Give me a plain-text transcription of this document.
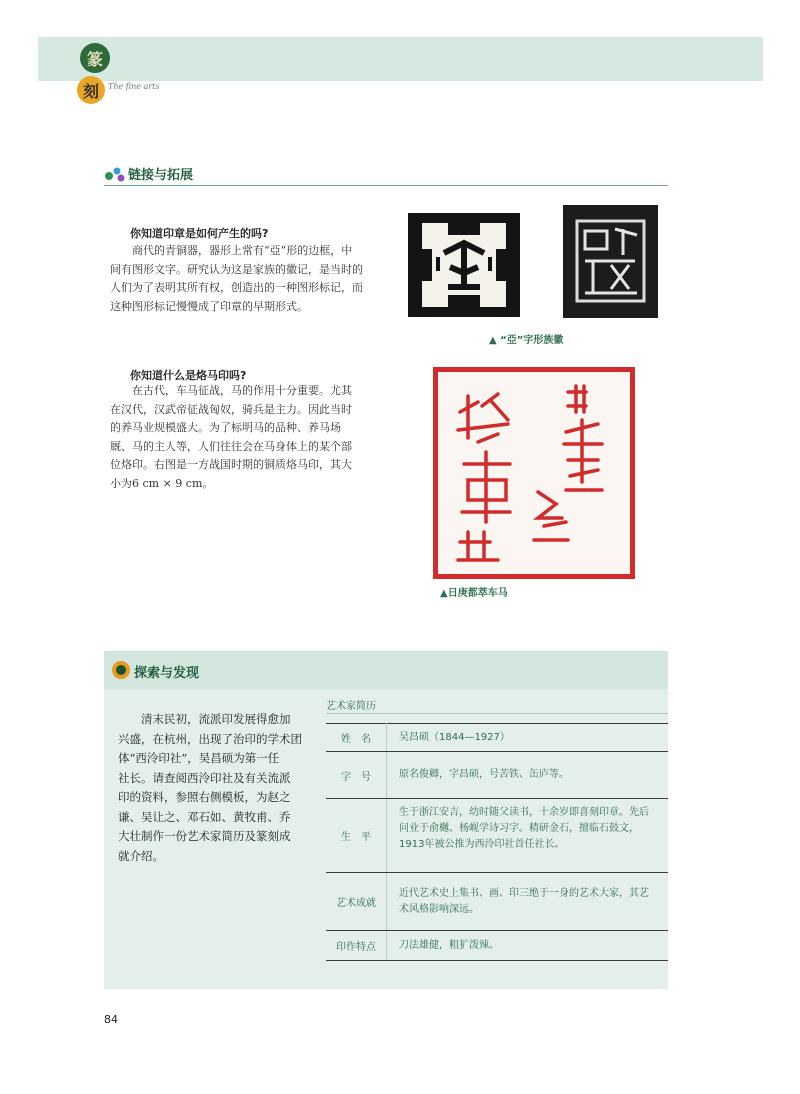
篆
刻	The fine arts
链接与拓展
你知道印章是如何产生的吗?
商代的青铜器，器形上常有“亞”形的边框，中
间有图形文字。研究认为这是家族的徽记，是当时的
人们为了表明其所有权，创造出的一种图形标记，而
这种图形标记慢慢成了印章的早期形式。
▲ “亞”字形族徽
你知道什么是烙马印吗?
在古代，车马征战，马的作用十分重要。尤其
在汉代，汉武帝征战匈奴，骑兵是主力。因此当时
的养马业规模盛大。为了标明马的品种、养马场
厩、马的主人等，人们往往会在马身体上的某个部
位烙印。右图是一方战国时期的铜质烙马印，其大
小为6 cm × 9 cm。
▲日庚都萃车马
探索与发现
清末民初，流派印发展得愈加
兴盛，在杭州，出现了治印的学术团
体“西泠印社”，吴昌硕为第一任
社长。请查阅西泠印社及有关流派
印的资料，参照右侧模板，为赵之
谦、吴让之、邓石如、黄牧甫、乔
大壮制作一份艺术家简历及篆刻成
就介绍。
艺术家简历
姓　名	吴昌硕（1844—1927）
字　号	原名俊卿，字昌硕，号苦铁、缶庐等。
生　平	生于浙江安吉，幼时随父读书，十余岁即喜刻印章。先后问业于俞樾、杨岘学诗习字。精研金石，擅临石鼓文，1913年被公推为西泠印社首任社长。
艺术成就	近代艺术史上集书、画、印三绝于一身的艺术大家，其艺术风格影响深远。
印作特点	刀法雄健，粗犷泼辣。
84
